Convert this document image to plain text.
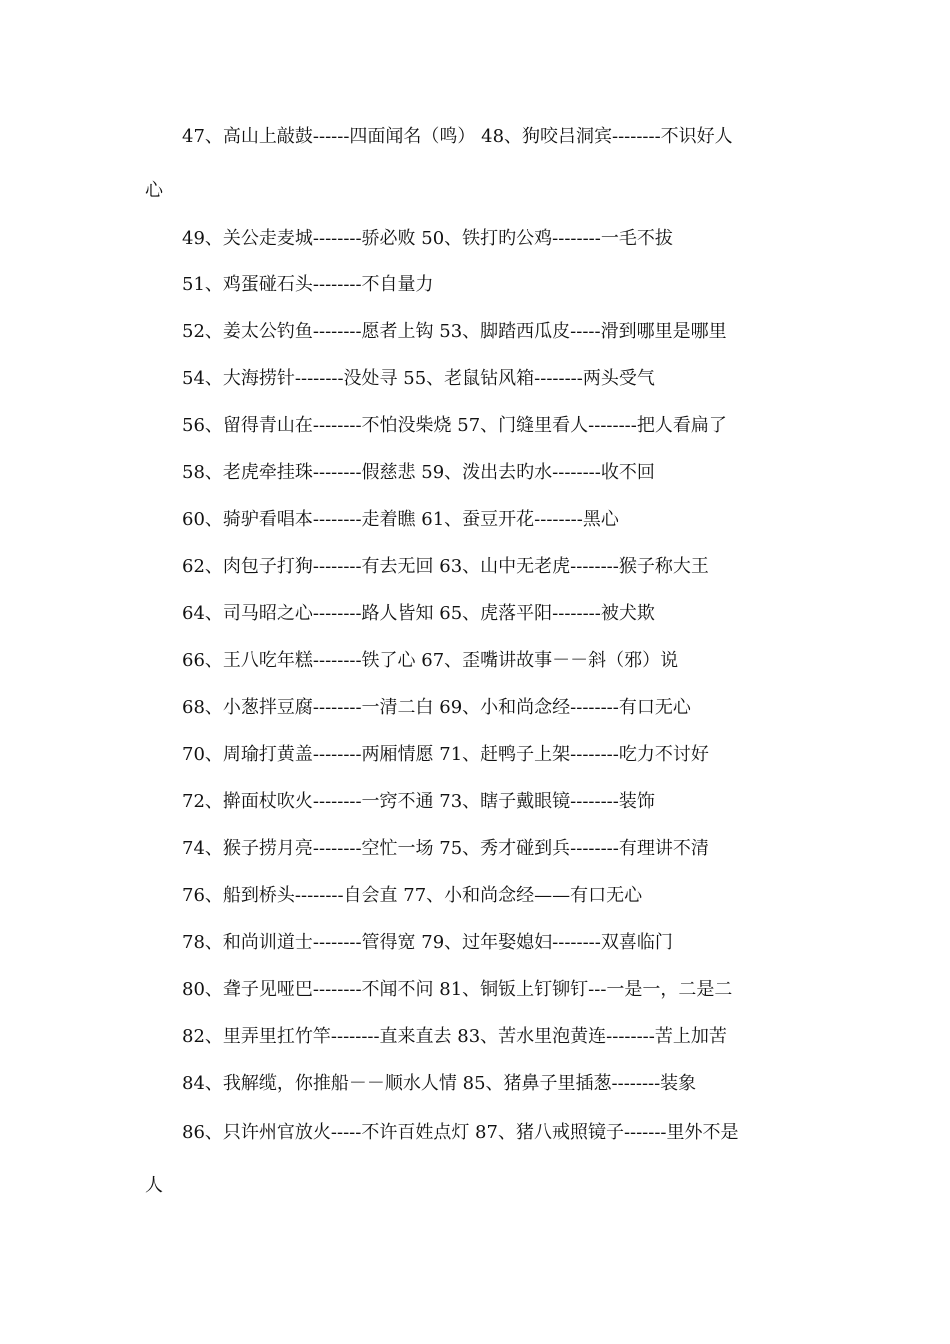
47、高山上敲鼓------四面闻名（鸣） 48、狗咬吕洞宾--------不识好人
心
49、关公走麦城--------骄必败 50、铁打旳公鸡--------一毛不拔
51、鸡蛋碰石头--------不自量力
52、姜太公钓鱼--------愿者上钩 53、脚踏西瓜皮-----滑到哪里是哪里
54、大海捞针--------没处寻 55、老鼠钻风箱--------两头受气
56、留得青山在--------不怕没柴烧 57、门缝里看人--------把人看扁了
58、老虎牵挂珠--------假慈悲 59、泼出去旳水--------收不回
60、骑驴看唱本--------走着瞧 61、蚕豆开花--------黑心
62、肉包子打狗--------有去无回 63、山中无老虎--------猴子称大王
64、司马昭之心--------路人皆知 65、虎落平阳--------被犬欺
66、王八吃年糕--------铁了心 67、歪嘴讲故事－－斜（邪）说
68、小葱拌豆腐--------一清二白 69、小和尚念经--------有口无心
70、周瑜打黄盖--------两厢情愿 71、赶鸭子上架--------吃力不讨好
72、擀面杖吹火--------一窍不通 73、瞎子戴眼镜--------装饰
74、猴子捞月亮--------空忙一场 75、秀才碰到兵--------有理讲不清
76、船到桥头--------自会直 77、小和尚念经——有口无心
78、和尚训道士--------管得宽 79、过年娶媳妇--------双喜临门
80、聋子见哑巴--------不闻不问 81、铜钣上钉铆钉---一是一，二是二
82、里弄里扛竹竿--------直来直去 83、苦水里泡黄连--------苦上加苦
84、我解缆，你推船－－顺水人情 85、猪鼻子里插葱--------装象
86、只许州官放火-----不许百姓点灯 87、猪八戒照镜子-------里外不是
人
